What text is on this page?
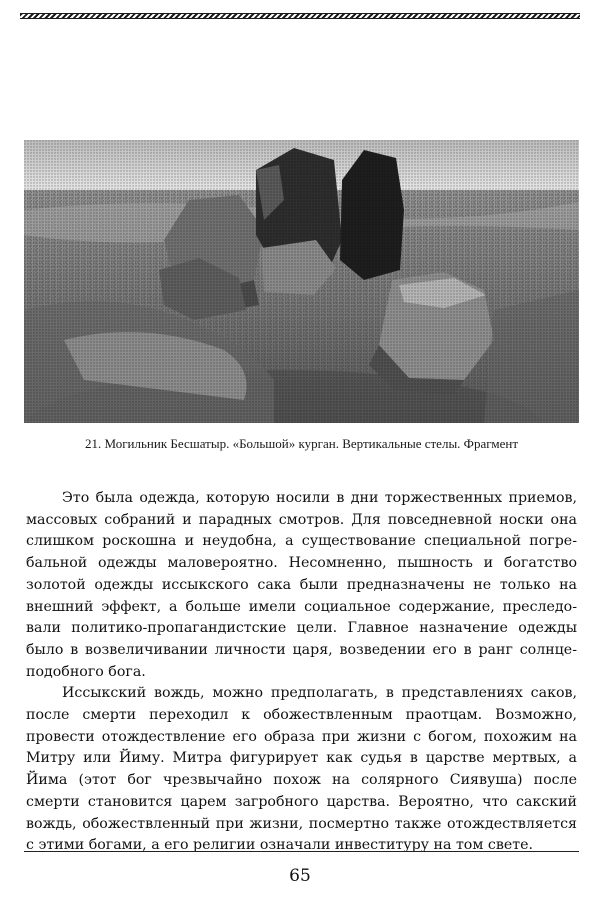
21. Могильник Бесшатыр. «Большой» курган. Вертикальные стелы. Фрагмент

Это была одежда, которую носили в дни торжественных приемов, массовых собраний и парадных смотров. Для повседневной носки она слишком роскошна и неудобна, а существование специальной погребальной одежды маловероятно. Несомненно, пышность и богатство золотой одежды иссыкского сака были предназначены не только на внешний эффект, а больше имели социальное содержание, преследовали политико-пропагандистские цели. Главное назначение одежды было в возвеличивании личности царя, возведении его в ранг солнцеподобного бога.

Иссыкский вождь, можно предполагать, в представлениях саков, после смерти переходил к обожествленным праотцам. Возможно, провести отождествление его образа при жизни с богом, похожим на Митру или Йиму. Митра фигурирует как судья в царстве мертвых, а Йима (этот бог чрезвычайно похож на солярного Сиявуша) после смерти становится царем загробного царства. Вероятно, что сакский вождь, обожествленный при жизни, посмертно также отождествляется с этими богами, а его религии означали инвеституру на том свете.

65
